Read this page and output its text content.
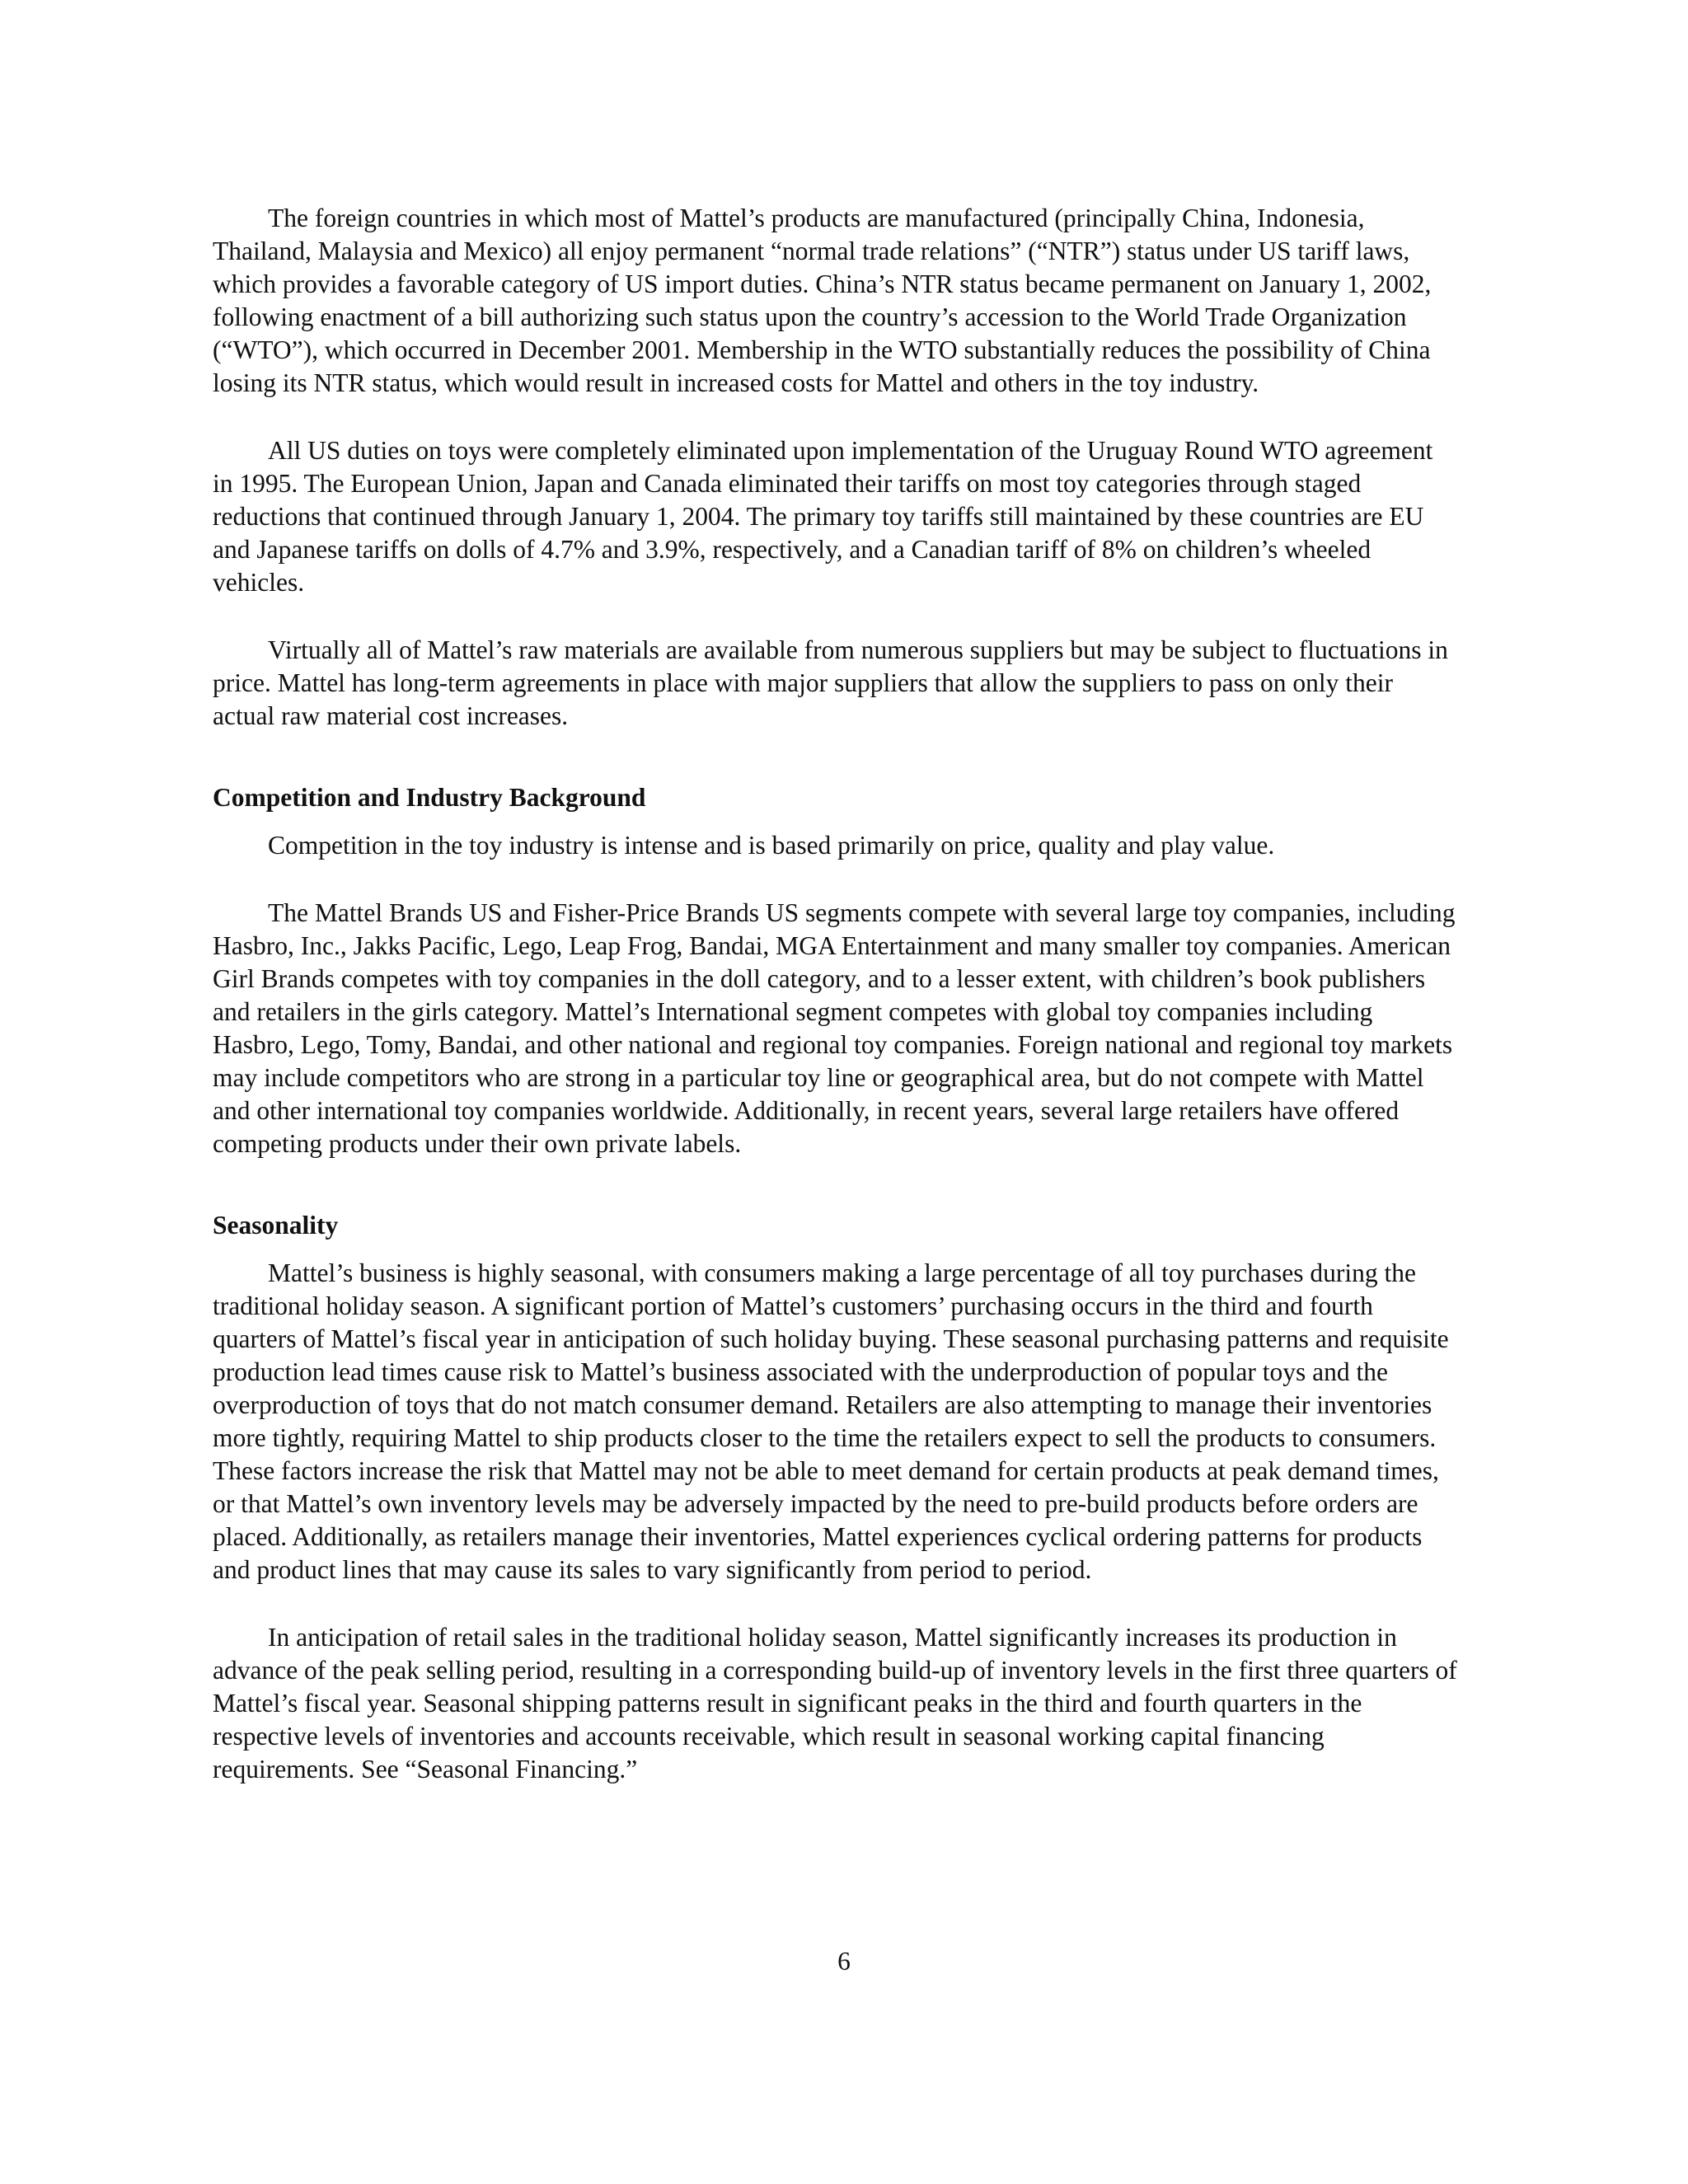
The foreign countries in which most of Mattel’s products are manufactured (principally China, Indonesia, Thailand, Malaysia and Mexico) all enjoy permanent “normal trade relations” (“NTR”) status under US tariff laws, which provides a favorable category of US import duties. China’s NTR status became permanent on January 1, 2002, following enactment of a bill authorizing such status upon the country’s accession to the World Trade Organization (“WTO”), which occurred in December 2001. Membership in the WTO substantially reduces the possibility of China losing its NTR status, which would result in increased costs for Mattel and others in the toy industry.

All US duties on toys were completely eliminated upon implementation of the Uruguay Round WTO agreement in 1995. The European Union, Japan and Canada eliminated their tariffs on most toy categories through staged reductions that continued through January 1, 2004. The primary toy tariffs still maintained by these countries are EU and Japanese tariffs on dolls of 4.7% and 3.9%, respectively, and a Canadian tariff of 8% on children’s wheeled vehicles.

Virtually all of Mattel’s raw materials are available from numerous suppliers but may be subject to fluctuations in price. Mattel has long-term agreements in place with major suppliers that allow the suppliers to pass on only their actual raw material cost increases.

Competition and Industry Background

Competition in the toy industry is intense and is based primarily on price, quality and play value.

The Mattel Brands US and Fisher-Price Brands US segments compete with several large toy companies, including Hasbro, Inc., Jakks Pacific, Lego, Leap Frog, Bandai, MGA Entertainment and many smaller toy companies. American Girl Brands competes with toy companies in the doll category, and to a lesser extent, with children’s book publishers and retailers in the girls category. Mattel’s International segment competes with global toy companies including Hasbro, Lego, Tomy, Bandai, and other national and regional toy companies. Foreign national and regional toy markets may include competitors who are strong in a particular toy line or geographical area, but do not compete with Mattel and other international toy companies worldwide. Additionally, in recent years, several large retailers have offered competing products under their own private labels.

Seasonality

Mattel’s business is highly seasonal, with consumers making a large percentage of all toy purchases during the traditional holiday season. A significant portion of Mattel’s customers’ purchasing occurs in the third and fourth quarters of Mattel’s fiscal year in anticipation of such holiday buying. These seasonal purchasing patterns and requisite production lead times cause risk to Mattel’s business associated with the underproduction of popular toys and the overproduction of toys that do not match consumer demand. Retailers are also attempting to manage their inventories more tightly, requiring Mattel to ship products closer to the time the retailers expect to sell the products to consumers. These factors increase the risk that Mattel may not be able to meet demand for certain products at peak demand times, or that Mattel’s own inventory levels may be adversely impacted by the need to pre-build products before orders are placed. Additionally, as retailers manage their inventories, Mattel experiences cyclical ordering patterns for products and product lines that may cause its sales to vary significantly from period to period.

In anticipation of retail sales in the traditional holiday season, Mattel significantly increases its production in advance of the peak selling period, resulting in a corresponding build-up of inventory levels in the first three quarters of Mattel’s fiscal year. Seasonal shipping patterns result in significant peaks in the third and fourth quarters in the respective levels of inventories and accounts receivable, which result in seasonal working capital financing requirements. See “Seasonal Financing.”

6
